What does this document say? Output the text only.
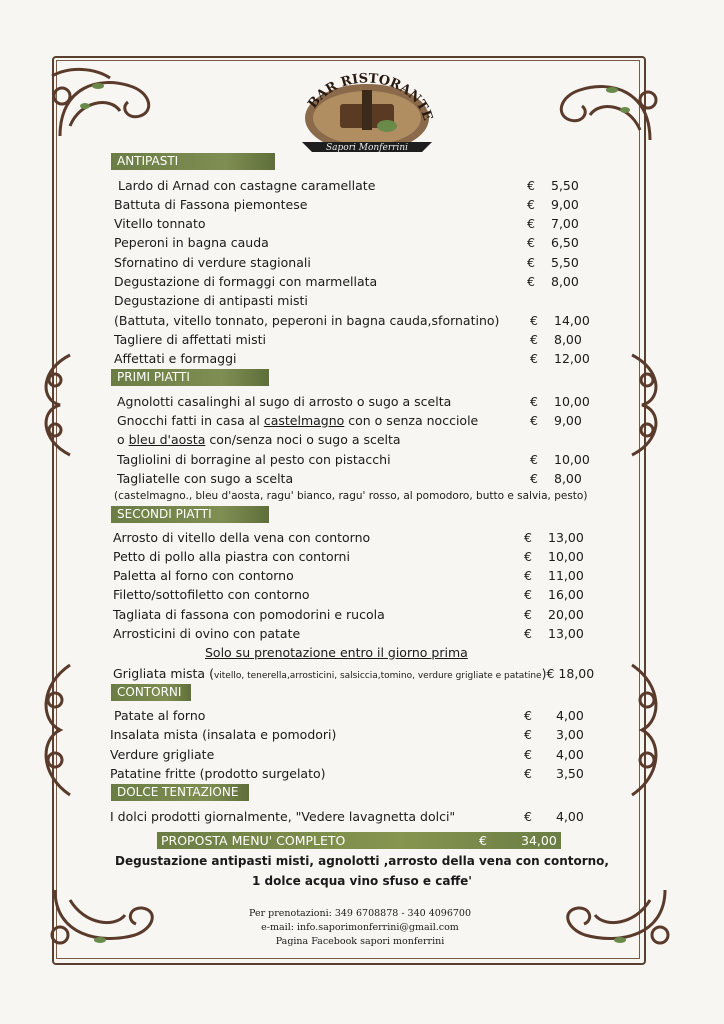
BAR RISTORANTE
Sapori Monferrini
ANTIPASTI
Lardo di Arnad con castagne caramellate	€ 5,50
Battuta di Fassona piemontese	€ 9,00
Vitello tonnato	€ 7,00
Peperoni in bagna cauda	€ 6,50
Sfornatino di verdure stagionali	€ 5,50
Degustazione di formaggi con marmellata	€ 8,00
Degustazione di antipasti misti
(Battuta, vitello tonnato, peperoni in bagna cauda,sfornatino) € 14,00
Tagliere di affettati misti	€ 8,00
Affettati e formaggi	€ 12,00
PRIMI PIATTI
Agnolotti casalinghi al sugo di arrosto o sugo a scelta	€ 10,00
Gnocchi fatti in casa al castelmagno con o senza nocciole	€ 9,00
o bleu d'aosta con/senza noci o sugo a scelta
Tagliolini di borragine al pesto con pistacchi	€ 10,00
Tagliatelle con sugo a scelta	€ 8,00
(castelmagno., bleu d'aosta, ragu' bianco, ragu' rosso, al pomodoro, butto e salvia, pesto)
SECONDI PIATTI
Arrosto di vitello della vena con contorno	€ 13,00
Petto di pollo alla piastra con contorni	€ 10,00
Paletta al forno con contorno	€ 11,00
Filetto/sottofiletto con contorno	€ 16,00
Tagliata di fassona con pomodorini e rucola	€ 20,00
Arrosticini di ovino con patate	€ 13,00
Solo su prenotazione entro il giorno prima
Grigliata mista (vitello, tenerella,arrosticini, salsiccia,tomino, verdure grigliate e patatine)€ 18,00
CONTORNI
Patate al forno	€ 4,00
Insalata mista (insalata e pomodori)	€ 3,00
Verdure grigliate	€ 4,00
Patatine fritte (prodotto surgelato)	€ 3,50
DOLCE TENTAZIONE
I dolci prodotti giornalmente, "Vedere lavagnetta dolci"	€ 4,00
PROPOSTA MENU' COMPLETO	€	34,00
Degustazione antipasti misti, agnolotti ,arrosto della vena con contorno,
1 dolce acqua vino sfuso e caffe'
Per prenotazioni: 349 6708878 - 340 4096700
e-mail: info.saporimonferrini@gmail.com
Pagina Facebook sapori monferrini
